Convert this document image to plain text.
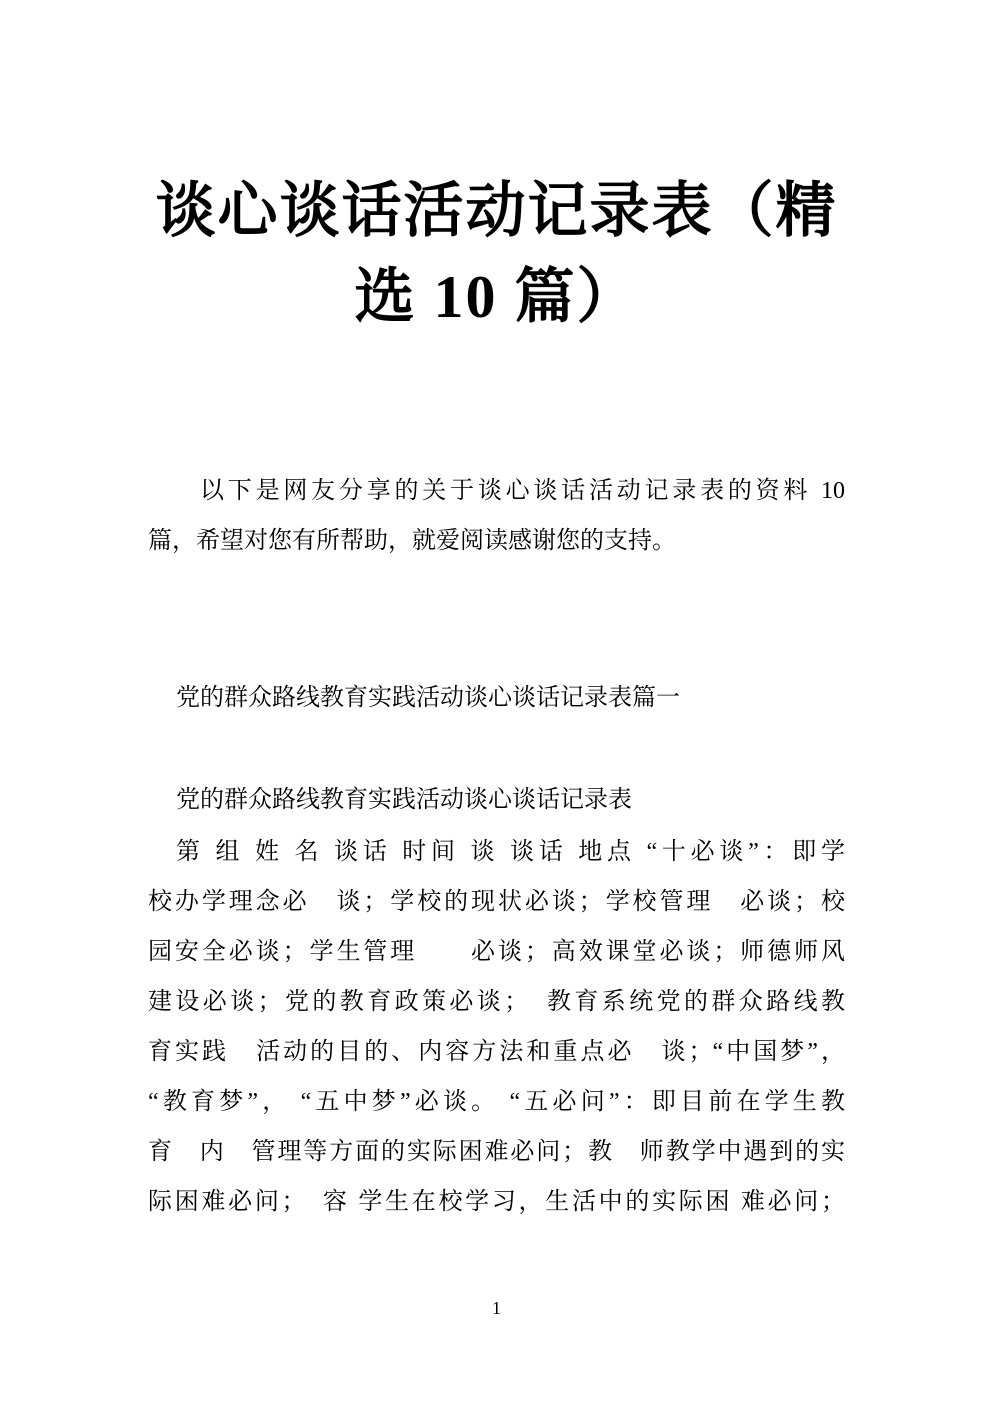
谈心谈话活动记录表（精
选 10 篇）
以下是网友分享的关于谈心谈话活动记录表的资料 10
篇，希望对您有所帮助，就爱阅读感谢您的支持。
党的群众路线教育实践活动谈心谈话记录表篇一
党的群众路线教育实践活动谈心谈话记录表
第 组 姓 名 谈话 时间 谈 谈话 地点 “十必谈”：即学
校办学理念必　谈；学校的现状必谈；学校管理　必谈；校
园安全必谈；学生管理　　必谈；高效课堂必谈；师德师风
建设必谈；党的教育政策必谈；　教育系统党的群众路线教
育实践　活动的目的、内容方法和重点必　谈；“中国梦”，
“教育梦”， “五中梦”必谈。 “五必问”：即目前在学生教
育　内　管理等方面的实际困难必问；教　师教学中遇到的实
际困难必问；　容 学生在校学习，生活中的实际困 难必问；
1
